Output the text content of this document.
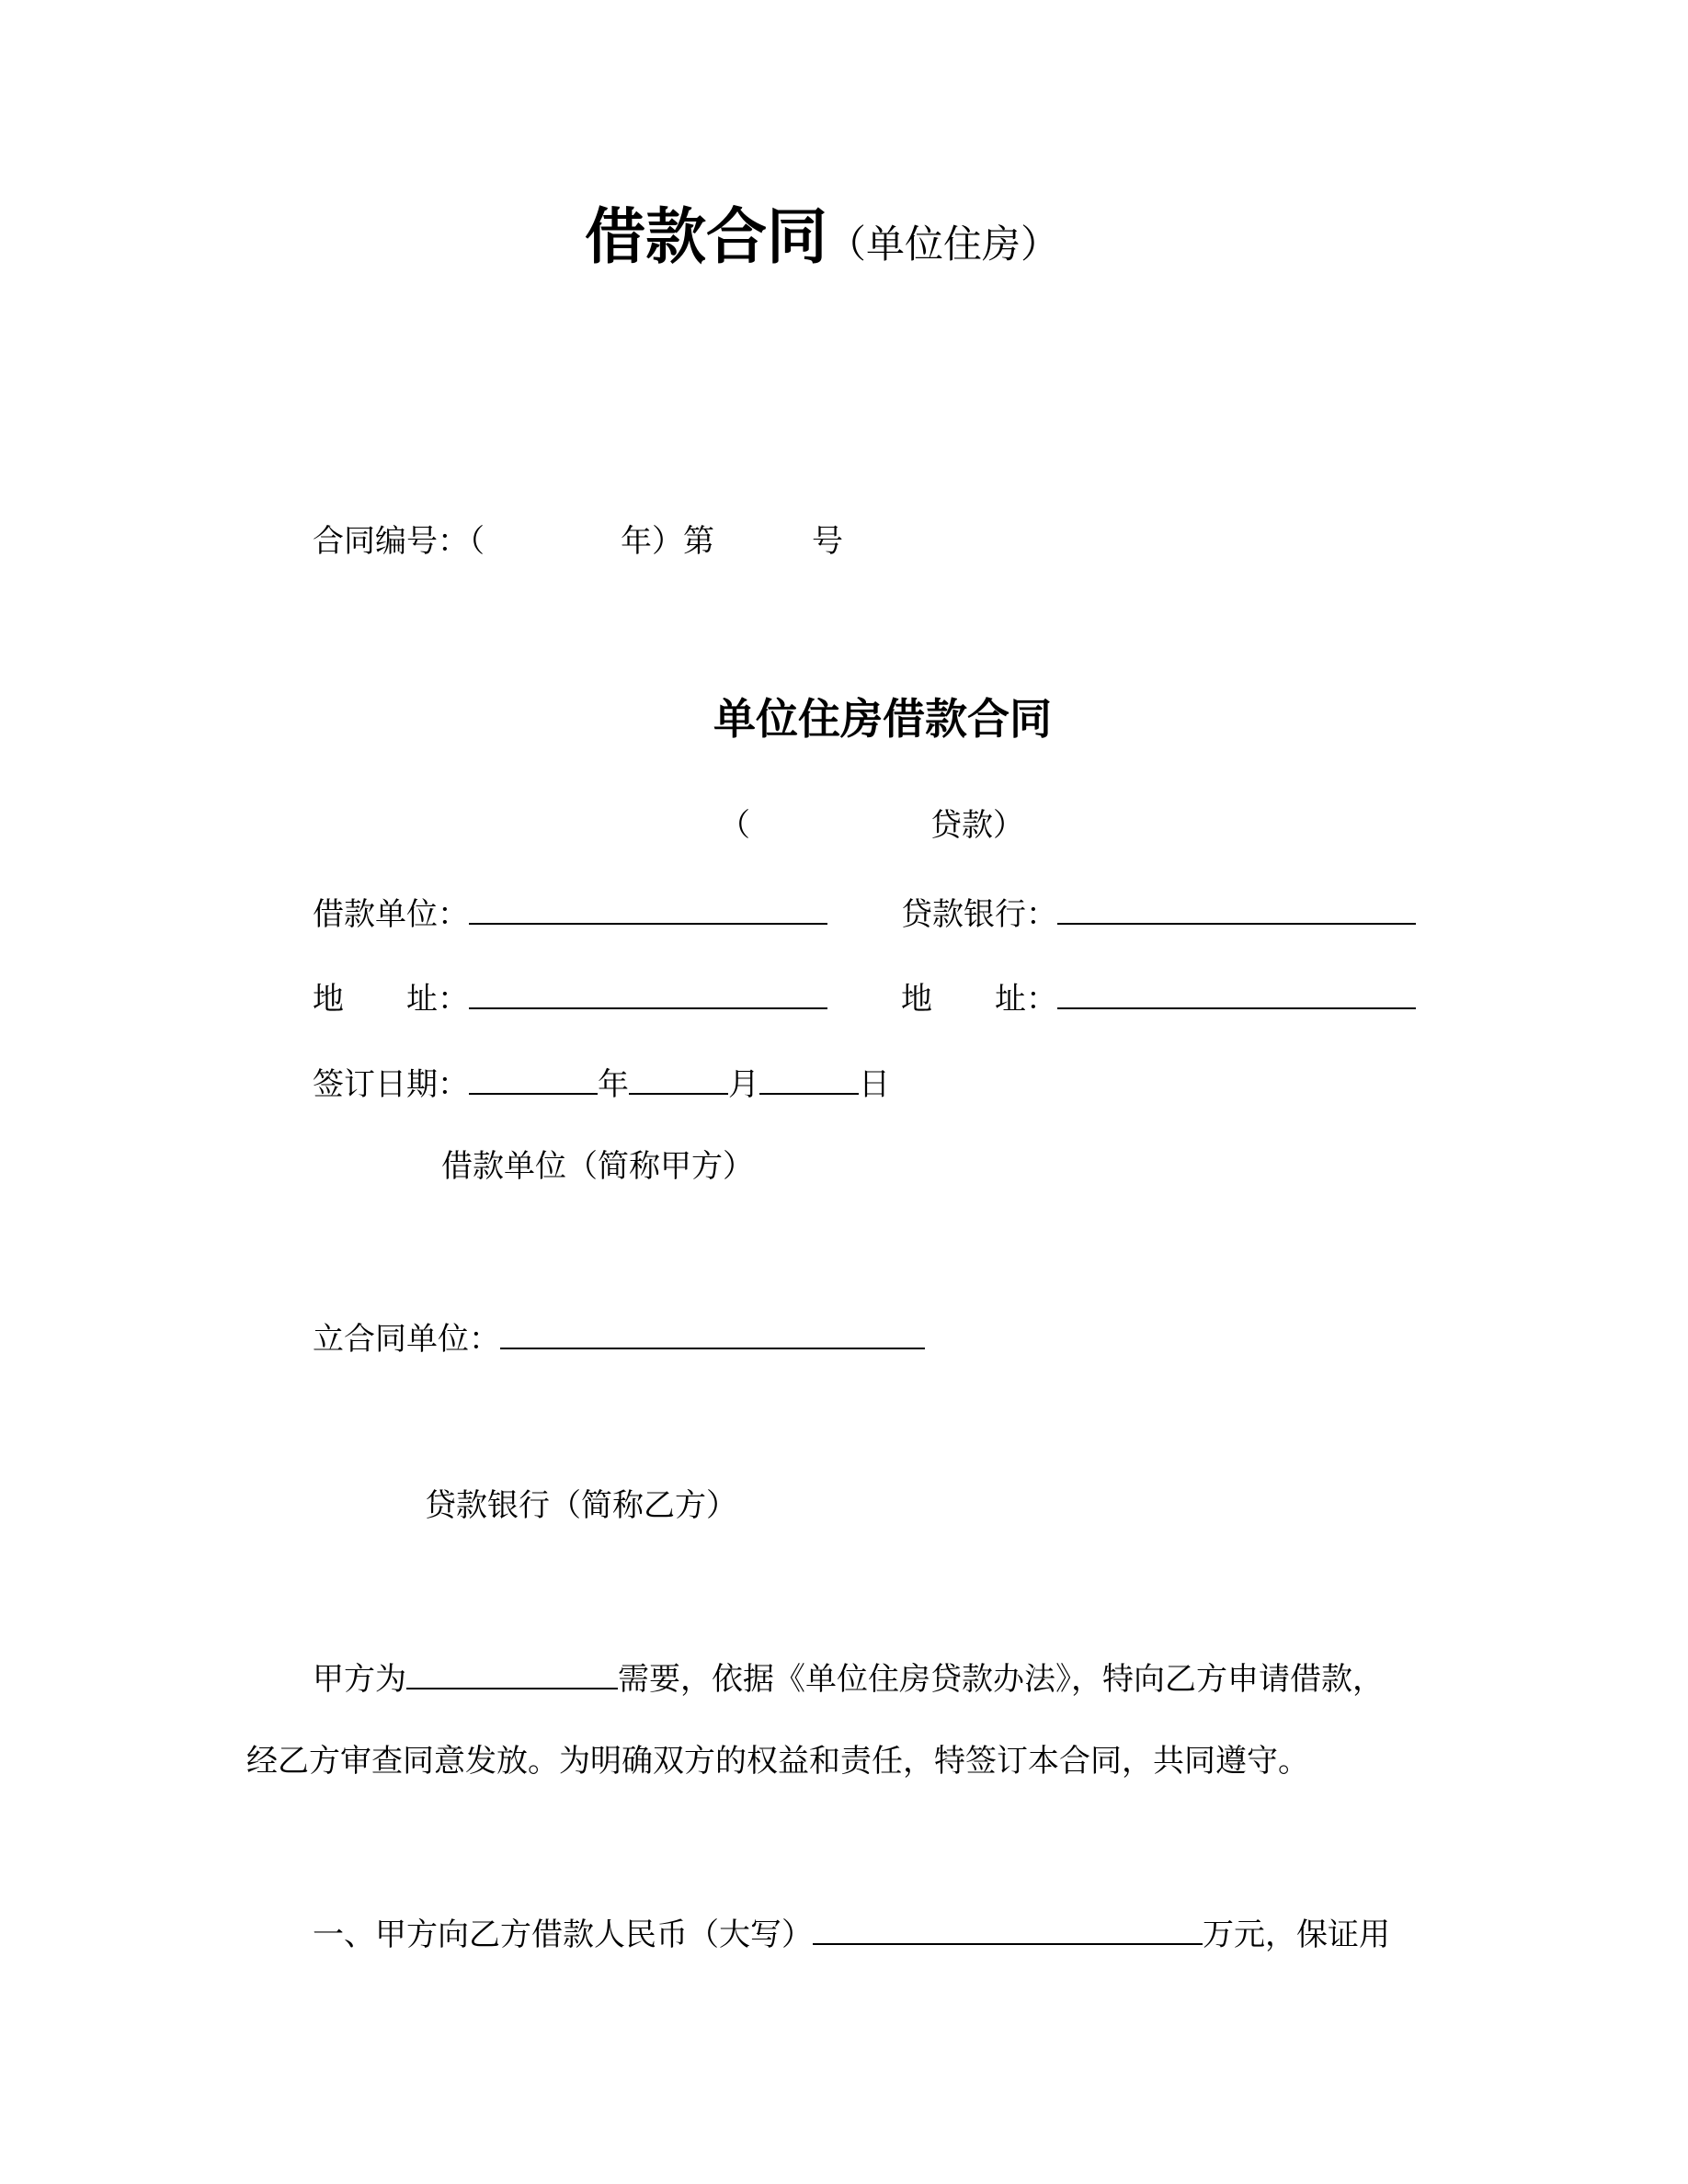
借款合同（单位住房）
合同编号：（	年）第	号
单位住房借款合同
（	贷款）
借款单位：	贷款银行：
地　　址：	地　　址：
签订日期：	年	月	日
借款单位（简称甲方）
立合同单位：
贷款银行（简称乙方）
甲方为	需要，依据《单位住房贷款办法》，特向乙方申请借款，
经乙方审查同意发放。为明确双方的权益和责任，特签订本合同，共同遵守。
一、甲方向乙方借款人民币（大写）	万元，保证用
